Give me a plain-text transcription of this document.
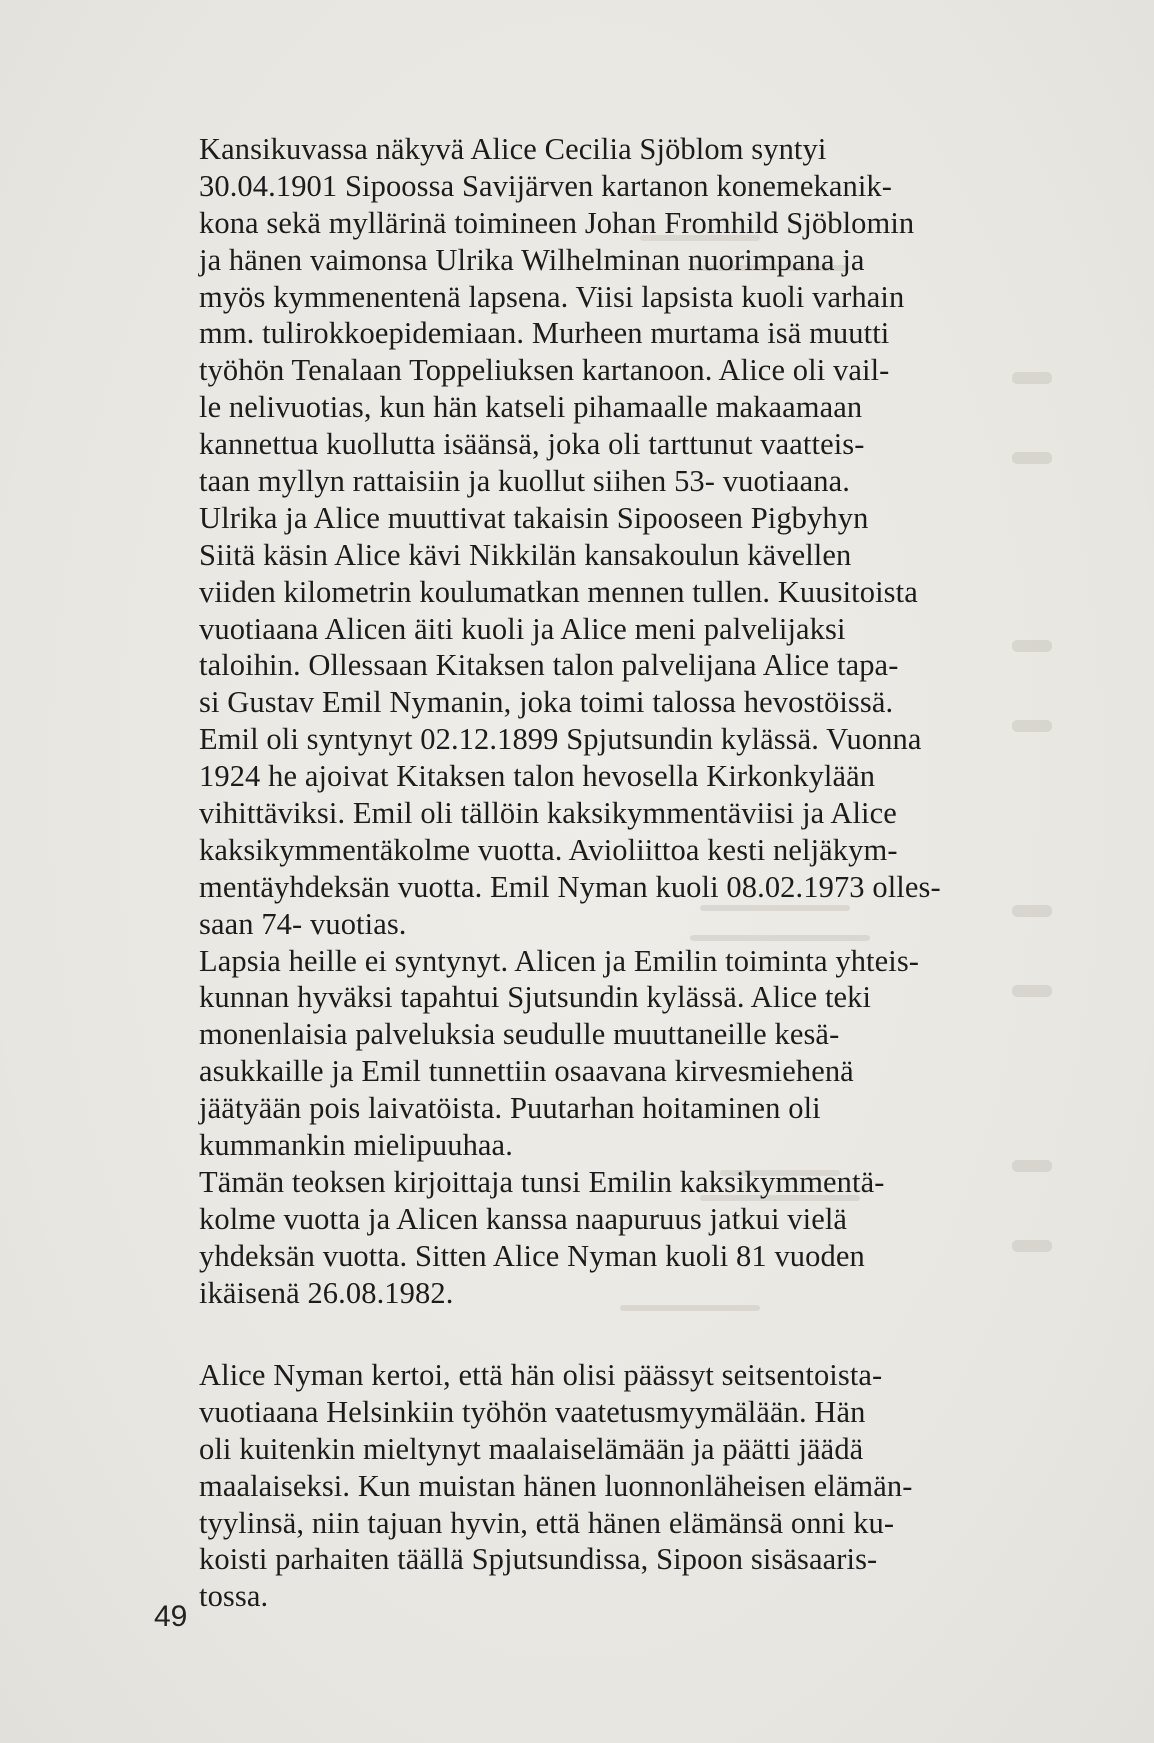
Kansikuvassa näkyvä Alice Cecilia Sjöblom syntyi
30.04.1901 Sipoossa Savijärven kartanon konemekanik-
kona sekä myllärinä toimineen Johan Fromhild Sjöblomin
ja hänen vaimonsa Ulrika Wilhelminan nuorimpana ja
myös kymmenentenä lapsena. Viisi lapsista kuoli varhain
mm. tulirokkoepidemiaan. Murheen murtama isä muutti
työhön Tenalaan Toppeliuksen kartanoon. Alice oli vail-
le nelivuotias, kun hän katseli pihamaalle makaamaan
kannettua kuollutta isäänsä, joka oli tarttunut vaatteis-
taan myllyn rattaisiin ja kuollut siihen 53- vuotiaana.
Ulrika ja Alice muuttivat takaisin Sipooseen Pigbyhyn
Siitä käsin Alice kävi Nikkilän kansakoulun kävellen
viiden kilometrin koulumatkan mennen tullen. Kuusitoista
vuotiaana Alicen äiti kuoli ja Alice meni palvelijaksi
taloihin. Ollessaan Kitaksen talon palvelijana Alice tapa-
si Gustav Emil Nymanin, joka toimi talossa hevostöissä.
Emil oli syntynyt 02.12.1899 Spjutsundin kylässä. Vuonna
1924 he ajoivat Kitaksen talon hevosella Kirkonkylään
vihittäviksi. Emil oli tällöin kaksikymmentäviisi ja Alice
kaksikymmentäkolme vuotta. Avioliittoa kesti neljäkym-
mentäyhdeksän vuotta. Emil Nyman kuoli 08.02.1973 olles-
saan 74- vuotias.
Lapsia heille ei syntynyt. Alicen ja Emilin toiminta yhteis-
kunnan hyväksi tapahtui Sjutsundin kylässä. Alice teki
monenlaisia palveluksia seudulle muuttaneille kesä-
asukkaille ja Emil tunnettiin osaavana kirvesmiehenä
jäätyään pois laivatöista. Puutarhan hoitaminen oli
kummankin mielipuuhaa.
Tämän teoksen kirjoittaja tunsi Emilin kaksikymmentä-
kolme vuotta ja Alicen kanssa naapuruus jatkui vielä
yhdeksän vuotta. Sitten Alice Nyman kuoli 81 vuoden
ikäisenä 26.08.1982.
Alice Nyman kertoi, että hän olisi päässyt seitsentoista-
vuotiaana Helsinkiin työhön vaatetusmyymälään. Hän
oli kuitenkin mieltynyt maalaiselämään ja päätti jäädä
maalaiseksi. Kun muistan hänen luonnonläheisen elämän-
tyylinsä, niin tajuan hyvin, että hänen elämänsä onni ku-
koisti parhaiten täällä Spjutsundissa, Sipoon sisäsaaris-
tossa.
49
